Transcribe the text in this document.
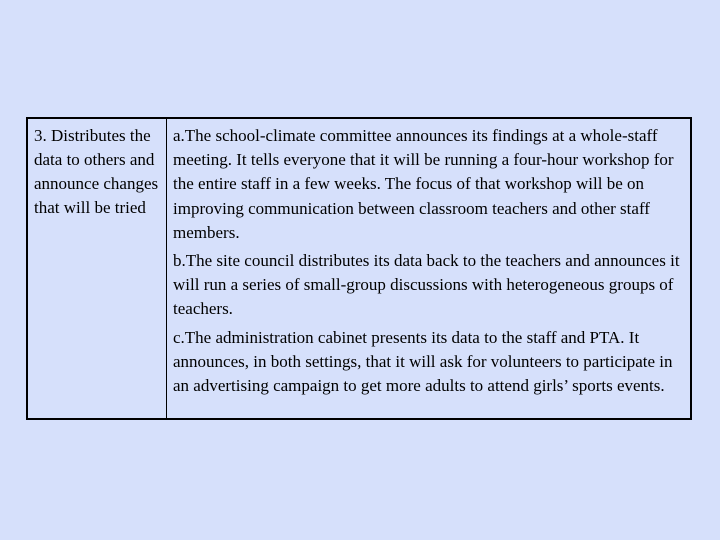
3. Distributes the data to others and announce changes that will be tried

a.The school-climate committee announces its findings at a whole-staff meeting. It tells everyone that it will be running a four-hour workshop for the entire staff in a few weeks. The focus of that workshop will be on improving communication between classroom teachers and other staff members.

b.The site council distributes its data back to the teachers and announces it will run a series of small-group discussions with heterogeneous groups of teachers.

c.The administration cabinet presents its data to the staff and PTA. It announces, in both settings, that it will ask for volunteers to participate in an advertising campaign to get more adults to attend girls’ sports events.
